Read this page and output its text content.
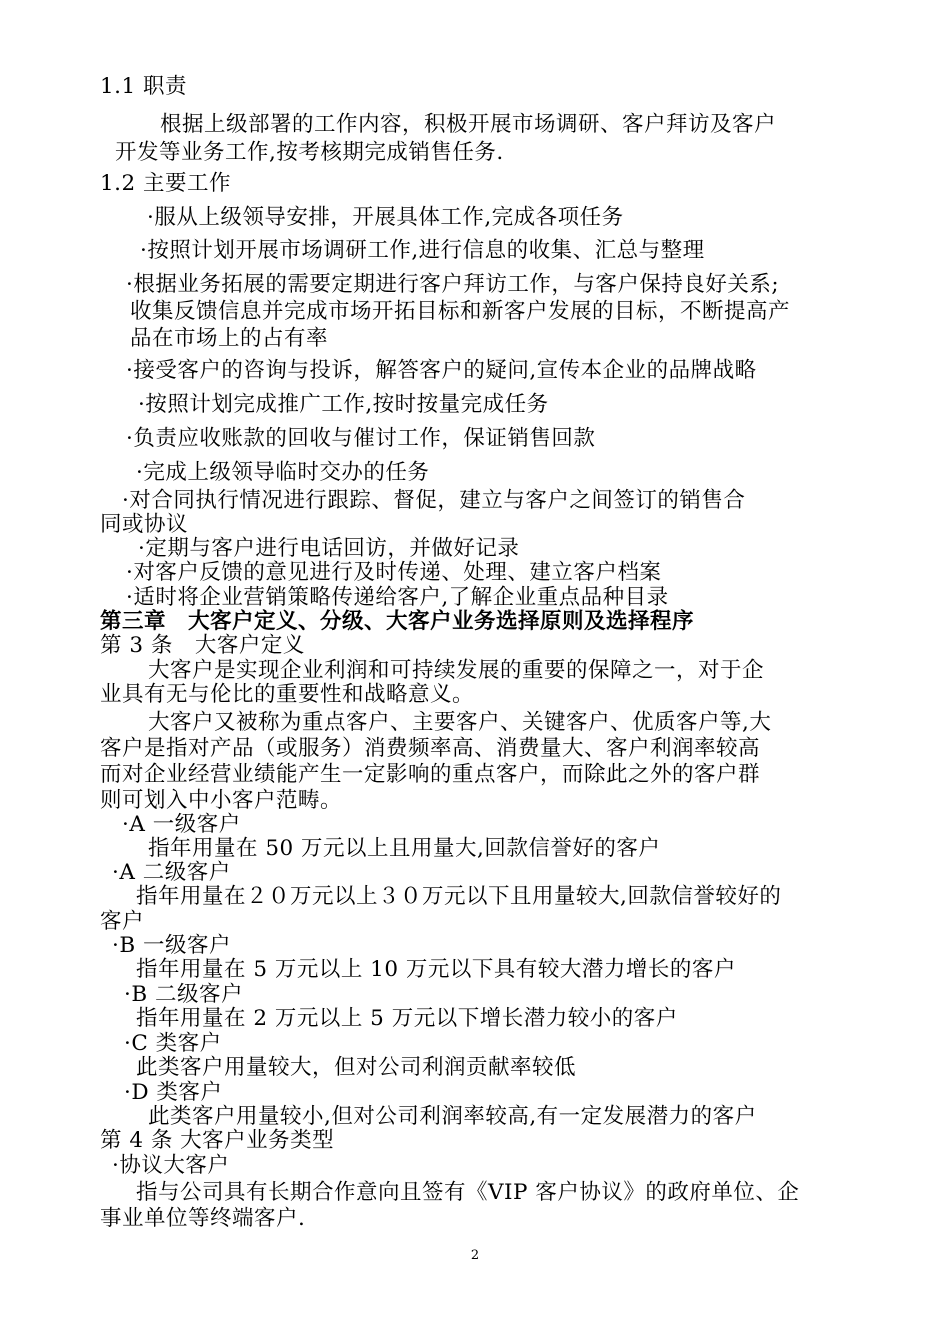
1.1 职责
根据上级部署的工作内容，积极开展市场调研、客户拜访及客户
开发等业务工作,按考核期完成销售任务.
1.2 主要工作
·服从上级领导安排，开展具体工作,完成各项任务
·按照计划开展市场调研工作,进行信息的收集、汇总与整理
·根据业务拓展的需要定期进行客户拜访工作，与客户保持良好关系;
收集反馈信息并完成市场开拓目标和新客户发展的目标，不断提高产
品在市场上的占有率
·接受客户的咨询与投诉，解答客户的疑问,宣传本企业的品牌战略
·按照计划完成推广工作,按时按量完成任务
·负责应收账款的回收与催讨工作，保证销售回款
·完成上级领导临时交办的任务
·对合同执行情况进行跟踪、督促，建立与客户之间签订的销售合
同或协议
·定期与客户进行电话回访，并做好记录
·对客户反馈的意见进行及时传递、处理、建立客户档案
·适时将企业营销策略传递给客户,了解企业重点品种目录
第三章　大客户定义、分级、大客户业务选择原则及选择程序
第 3 条　大客户定义
大客户是实现企业利润和可持续发展的重要的保障之一，对于企
业具有无与伦比的重要性和战略意义。
大客户又被称为重点客户、主要客户、关键客户、优质客户等,大
客户是指对产品（或服务）消费频率高、消费量大、客户利润率较高
而对企业经营业绩能产生一定影响的重点客户，而除此之外的客户群
则可划入中小客户范畴。
·A 一级客户
指年用量在 50 万元以上且用量大,回款信誉好的客户
·A 二级客户
指年用量在２０万元以上３０万元以下且用量较大,回款信誉较好的
客户
·B 一级客户
指年用量在 5 万元以上 10 万元以下具有较大潜力增长的客户
·B 二级客户
指年用量在 2 万元以上 5 万元以下增长潜力较小的客户
·C 类客户
此类客户用量较大，但对公司利润贡献率较低
·D 类客户
此类客户用量较小,但对公司利润率较高,有一定发展潜力的客户
第 4 条 大客户业务类型
·协议大客户
指与公司具有长期合作意向且签有《VIP 客户协议》的政府单位、企
事业单位等终端客户.
2
